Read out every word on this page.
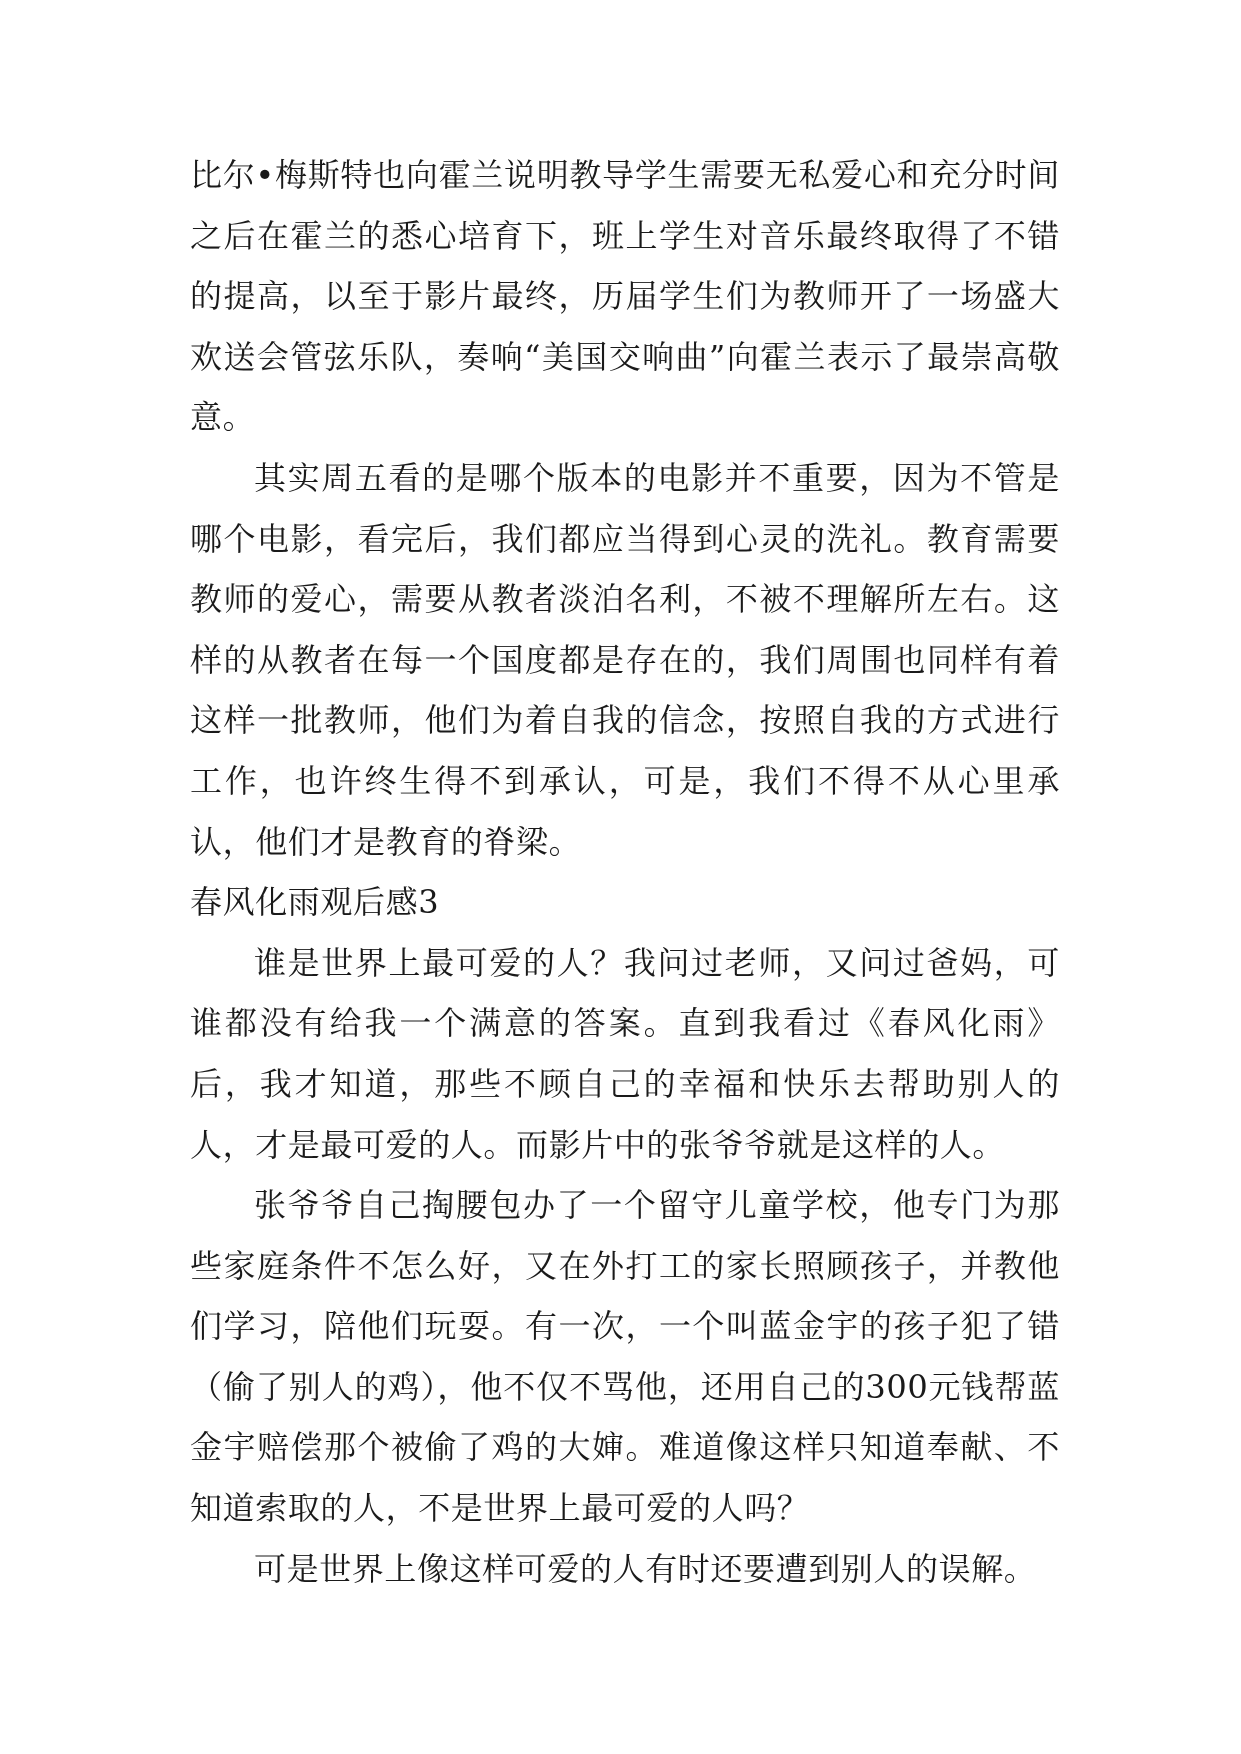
比尔•梅斯特也向霍兰说明教导学生需要无私爱心和充分时间之后在霍兰的悉心培育下，班上学生对音乐最终取得了不错的提高，以至于影片最终，历届学生们为教师开了一场盛大欢送会管弦乐队，奏响“美国交响曲”向霍兰表示了最崇高敬意。

其实周五看的是哪个版本的电影并不重要，因为不管是哪个电影，看完后，我们都应当得到心灵的洗礼。教育需要教师的爱心，需要从教者淡泊名利，不被不理解所左右。这样的从教者在每一个国度都是存在的，我们周围也同样有着这样一批教师，他们为着自我的信念，按照自我的方式进行工作，也许终生得不到承认，可是，我们不得不从心里承认，他们才是教育的脊梁。

春风化雨观后感3

谁是世界上最可爱的人？我问过老师，又问过爸妈，可谁都没有给我一个满意的答案。直到我看过《春风化雨》后，我才知道，那些不顾自己的幸福和快乐去帮助别人的人，才是最可爱的人。而影片中的张爷爷就是这样的人。

张爷爷自己掏腰包办了一个留守儿童学校，他专门为那些家庭条件不怎么好，又在外打工的家长照顾孩子，并教他们学习，陪他们玩耍。有一次，一个叫蓝金宇的孩子犯了错（偷了别人的鸡），他不仅不骂他，还用自己的300元钱帮蓝金宇赔偿那个被偷了鸡的大婶。难道像这样只知道奉献、不知道索取的人，不是世界上最可爱的人吗？

可是世界上像这样可爱的人有时还要遭到别人的误解。
